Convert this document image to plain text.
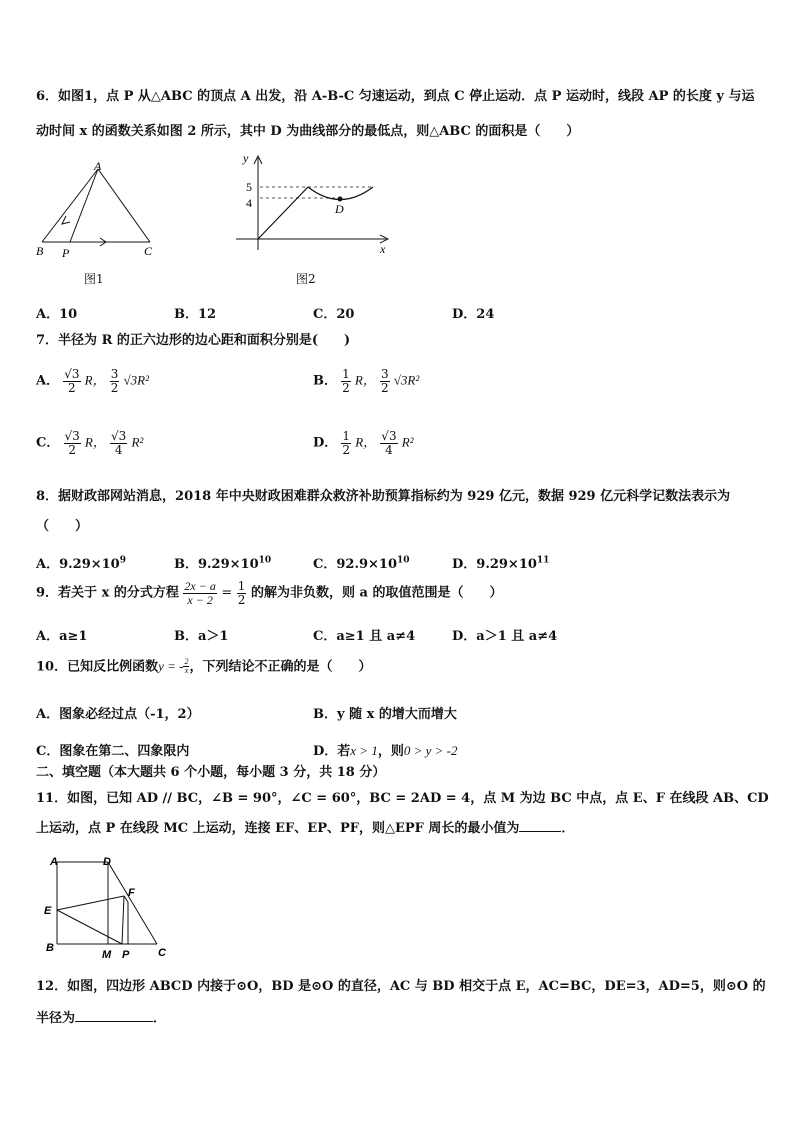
6．如图1，点 P 从△ABC 的顶点 A 出发，沿 A-B-C 匀速运动，到点 C 停止运动．点 P 运动时，线段 AP 的长度 y 与运
动时间 x 的函数关系如图 2 所示，其中 D 为曲线部分的最低点，则△ABC 的面积是（　　）
A
B P	C
图1
y
x
5
4	D
图2
A．10	B．12	C．20	D．24
7．半径为 R 的正六边形的边心距和面积分别是(　　)
A． $\frac{√3}{2}$ R， $\frac{3}{2} √3R^2$	B． $\frac{1}{2}$ R， $\frac{3}{2} √3R^2$
C． $\frac{√3}{2}$ R， $\frac{√3}{4} R^2$	D． $\frac{1}{2}$ R， $\frac{√3}{4} R^2$
8．据财政部网站消息，2018 年中央财政困难群众救济补助预算指标约为 929 亿元，数据 929 亿元科学记数法表示为
（　　）
A．$9.29\times 10^9$	B．$9.29\times 10^{10}$	C．$92.9\times 10^{10}$	D．$9.29\times 10^{11}$
9．若关于 x 的分式方程 $\frac{2x - a}{x - 2} = \frac{1}{2}$ 的解为非负数，则 a 的取值范围是（　　）
A．a≥1	B．a＞1	C．a≥1 且 a≠4	D．a＞1 且 a≠4
10．已知反比例函数y = - $\frac{2}{x}$ ，下列结论不正确的是（　　）
A．图象必经过点（-1，2）	B．y 随 x 的增大而增大
C．图象在第二、四象限内	D．若x > 1，则0 > y > -2
二、填空题（本大题共 6 个小题，每小题 3 分，共 18 分）
11．如图，已知 AD // BC，∠B = 90°，∠C = 60°，BC = 2AD = 4，点 M 为边 BC 中点，点 E、F 在线段 AB、CD
上运动，点 P 在线段 MC 上运动，连接 EF、EP、PF，则△EPF 周长的最小值为	．
A	D
F
E
B
M P	C
12．如图，四边形 ABCD 内接于⊙O，BD 是⊙O 的直径，AC 与 BD 相交于点 E，AC=BC，DE=3，AD=5，则⊙O 的
半径为	．
